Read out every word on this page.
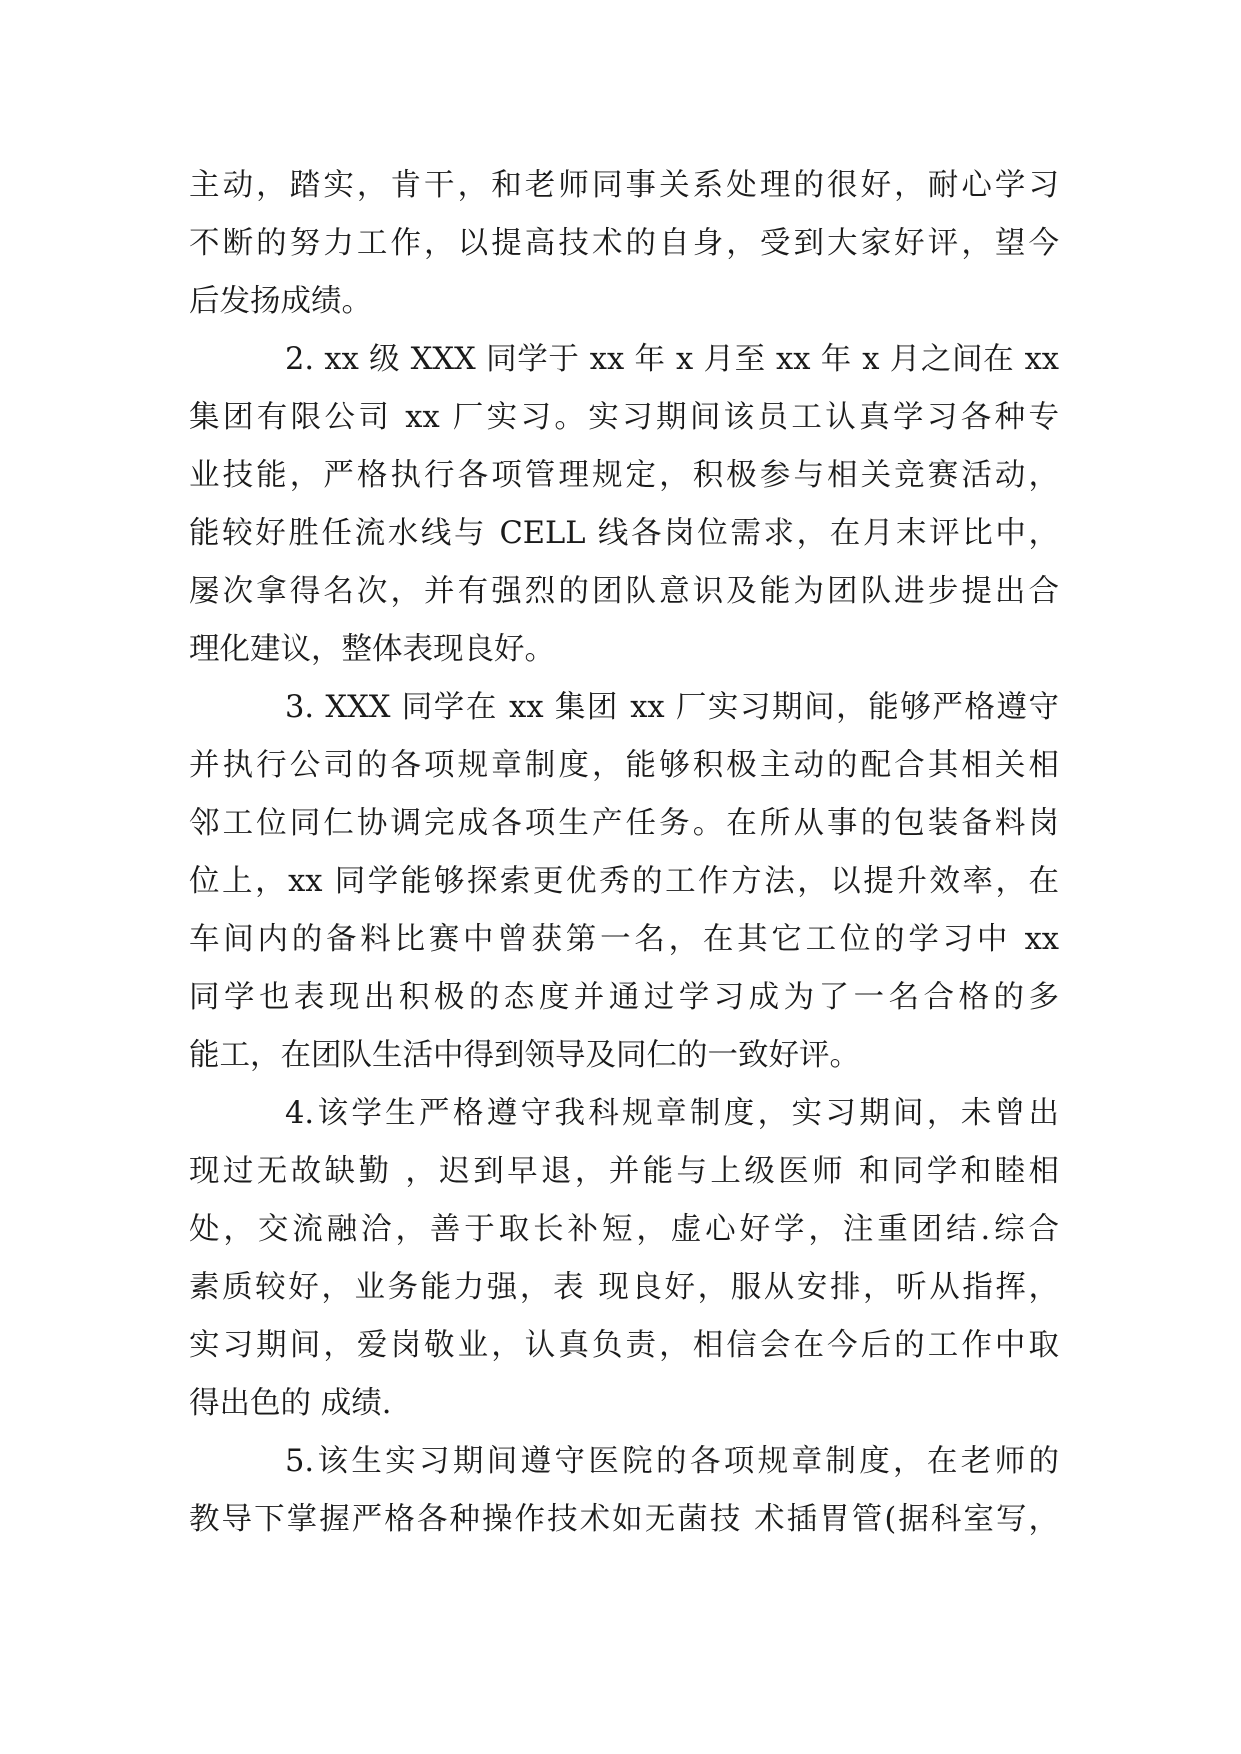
主动，踏实，肯干，和老师同事关系处理的很好，耐心学习
不断的努力工作，以提高技术的自身，受到大家好评，望今
后发扬成绩。
2. xx 级 XXX 同学于 xx 年 x 月至 xx 年 x 月之间在 xx
集团有限公司 xx 厂实习。实习期间该员工认真学习各种专
业技能，严格执行各项管理规定，积极参与相关竞赛活动，
能较好胜任流水线与 CELL 线各岗位需求，在月末评比中，
屡次拿得名次，并有强烈的团队意识及能为团队进步提出合
理化建议，整体表现良好。
3. XXX 同学在 xx 集团 xx 厂实习期间，能够严格遵守
并执行公司的各项规章制度，能够积极主动的配合其相关相
邻工位同仁协调完成各项生产任务。在所从事的包装备料岗
位上，xx 同学能够探索更优秀的工作方法，以提升效率，在
车间内的备料比赛中曾获第一名，在其它工位的学习中 xx
同学也表现出积极的态度并通过学习成为了一名合格的多
能工，在团队生活中得到领导及同仁的一致好评。
4.该学生严格遵守我科规章制度，实习期间，未曾出
现过无故缺勤 ，迟到早退，并能与上级医师 和同学和睦相
处，交流融洽，善于取长补短，虚心好学，注重团结.综合
素质较好，业务能力强，表 现良好，服从安排，听从指挥，
实习期间，爱岗敬业，认真负责，相信会在今后的工作中取
得出色的 成绩.
5.该生实习期间遵守医院的各项规章制度，在老师的
教导下掌握严格各种操作技术如无菌技 术插胃管(据科室写，
